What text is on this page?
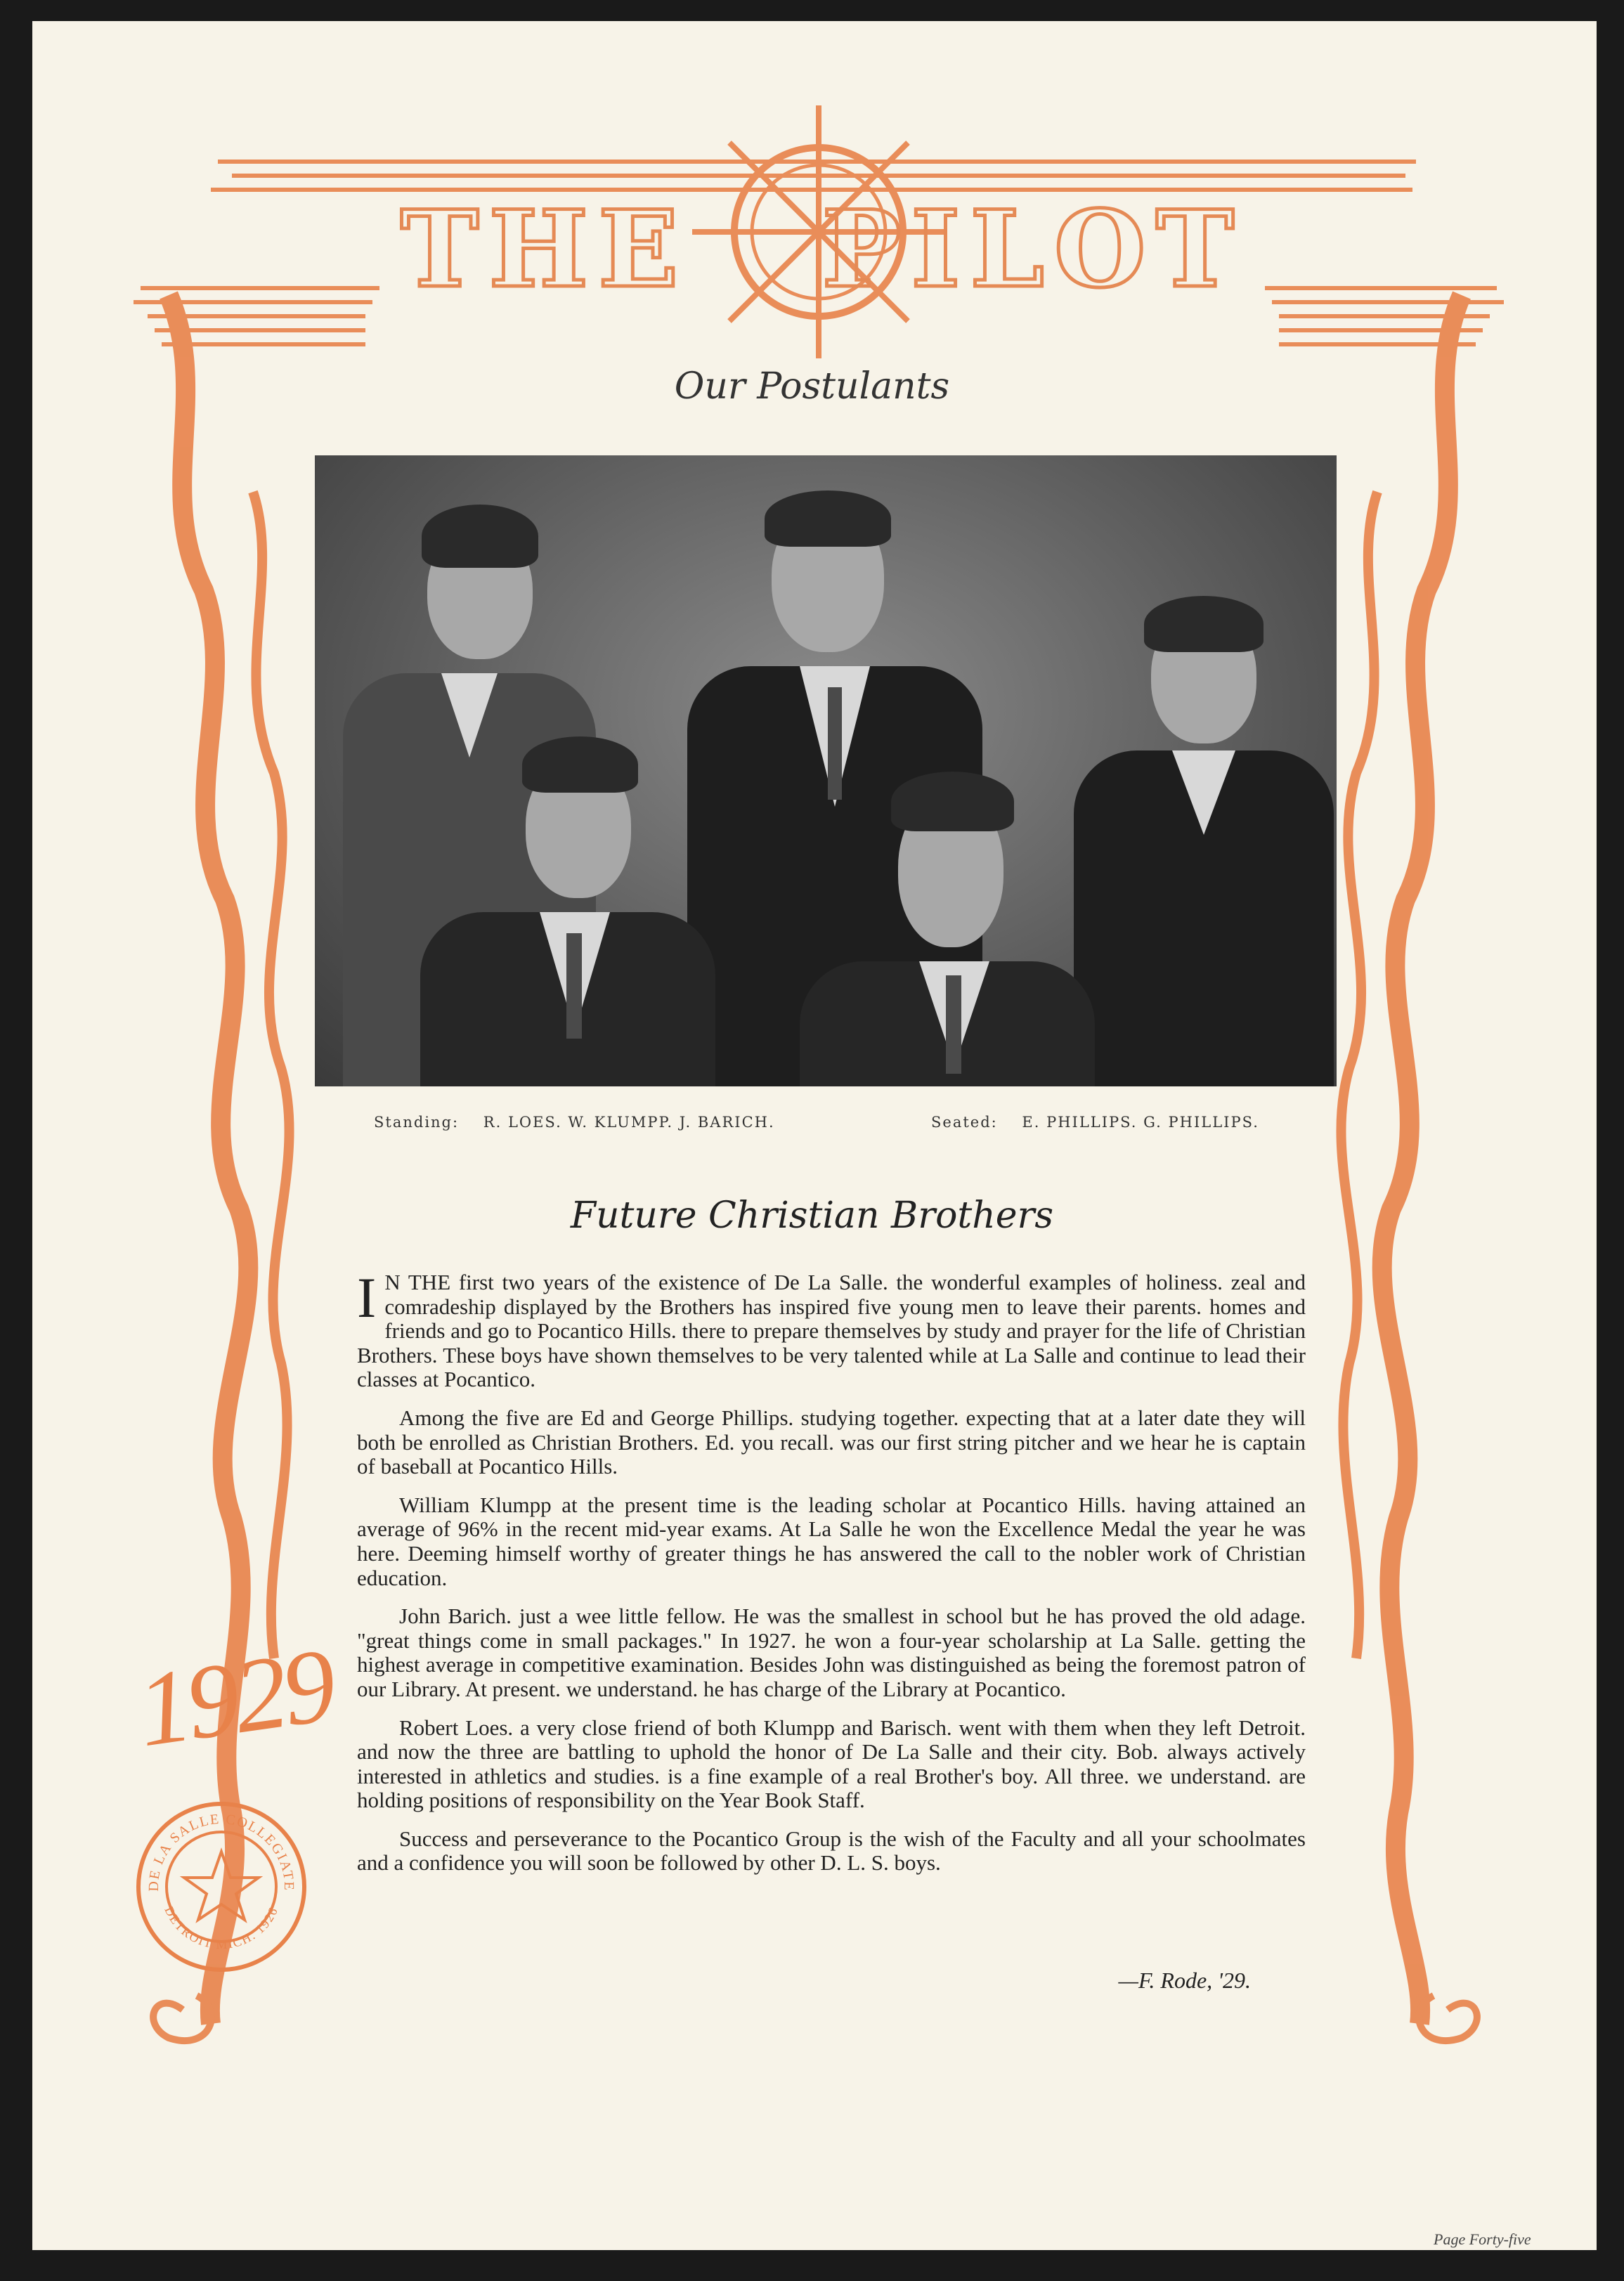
THE PILOT
Our Postulants
Standing: R. LOES. W. KLUMPP. J. BARICH.	Seated: E. PHILLIPS. G. PHILLIPS.
Future Christian Brothers

I N THE first two years of the existence of De La Salle. the wonderful examples of holiness. zeal and comradeship displayed by the Brothers has inspired five young men to leave their parents. homes and friends and go to Pocantico Hills. there to prepare themselves by study and prayer for the life of Christian Brothers. These boys have shown themselves to be very talented while at La Salle and continue to lead their classes at Pocantico.

Among the five are Ed and George Phillips. studying together. expecting that at a later date they will both be enrolled as Christian Brothers. Ed. you recall. was our first string pitcher and we hear he is captain of baseball at Pocantico Hills.

William Klumpp at the present time is the leading scholar at Pocantico Hills. having attained an average of 96% in the recent mid-year exams. At La Salle he won the Excellence Medal the year he was here. Deeming himself worthy of greater things he has answered the call to the nobler work of Christian education.

John Barich. just a wee little fellow. He was the smallest in school but he has proved the old adage. "great things come in small packages." In 1927. he won a four-year scholarship at La Salle. getting the highest average in competitive examination. Besides John was distinguished as being the foremost patron of our Library. At present. we understand. he has charge of the Library at Pocantico.

Robert Loes. a very close friend of both Klumpp and Barisch. went with them when they left Detroit. and now the three are battling to uphold the honor of De La Salle and their city. Bob. always actively interested in athletics and studies. is a fine example of a real Brother's boy. All three. we understand. are holding positions of responsibility on the Year Book Staff.

Success and perseverance to the Pocantico Group is the wish of the Faculty and all your schoolmates and a confidence you will soon be followed by other D. L. S. boys.

—F. Rode, '29.
1929
DE LA SALLE COLLEGIATE
DETROIT MICH. 1926
Page Forty-five
